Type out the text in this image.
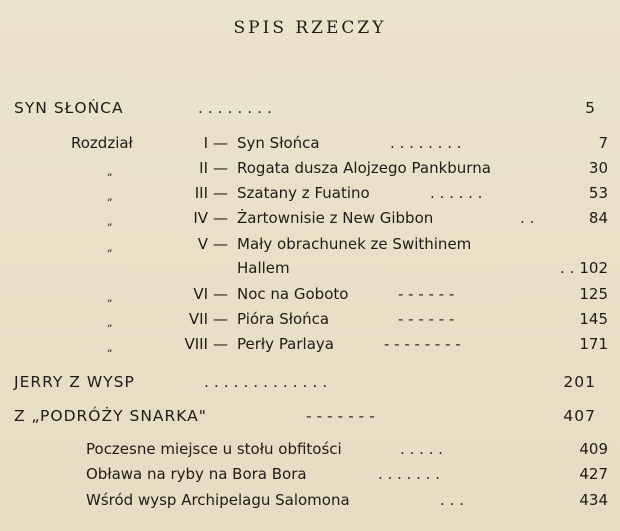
SPIS RZECZY
SYN SŁOŃCA	. . . . . . . .	5
Rozdział	I — Syn Słońca	. . . . . . . .	7
„	II — Rogata dusza Alojzego Pankburna	30
„	III — Szatany z Fuatino	. . . . . .	53
„	IV — Żartownisie z New Gibbon	. .	84
„	V — Mały obrachunek ze Swithinem
Hallem	. . 102
„	VI — Noc na Goboto	- - - - - -	125
„	VII — Pióra Słońca	- - - - - -	145
„	VIII — Perły Parlaya	- - - - - - - -	171
JERRY Z WYSP	. . . . . . . . . . . . .	201
Z „PODRÓŻY SNARKA"	- - - - - - -	407
Poczesne miejsce u stołu obfitości	. . . . .	409
Obława na ryby na Bora Bora	. . . . . . .	427
Wśród wysp Archipelagu Salomona	. . .	434
